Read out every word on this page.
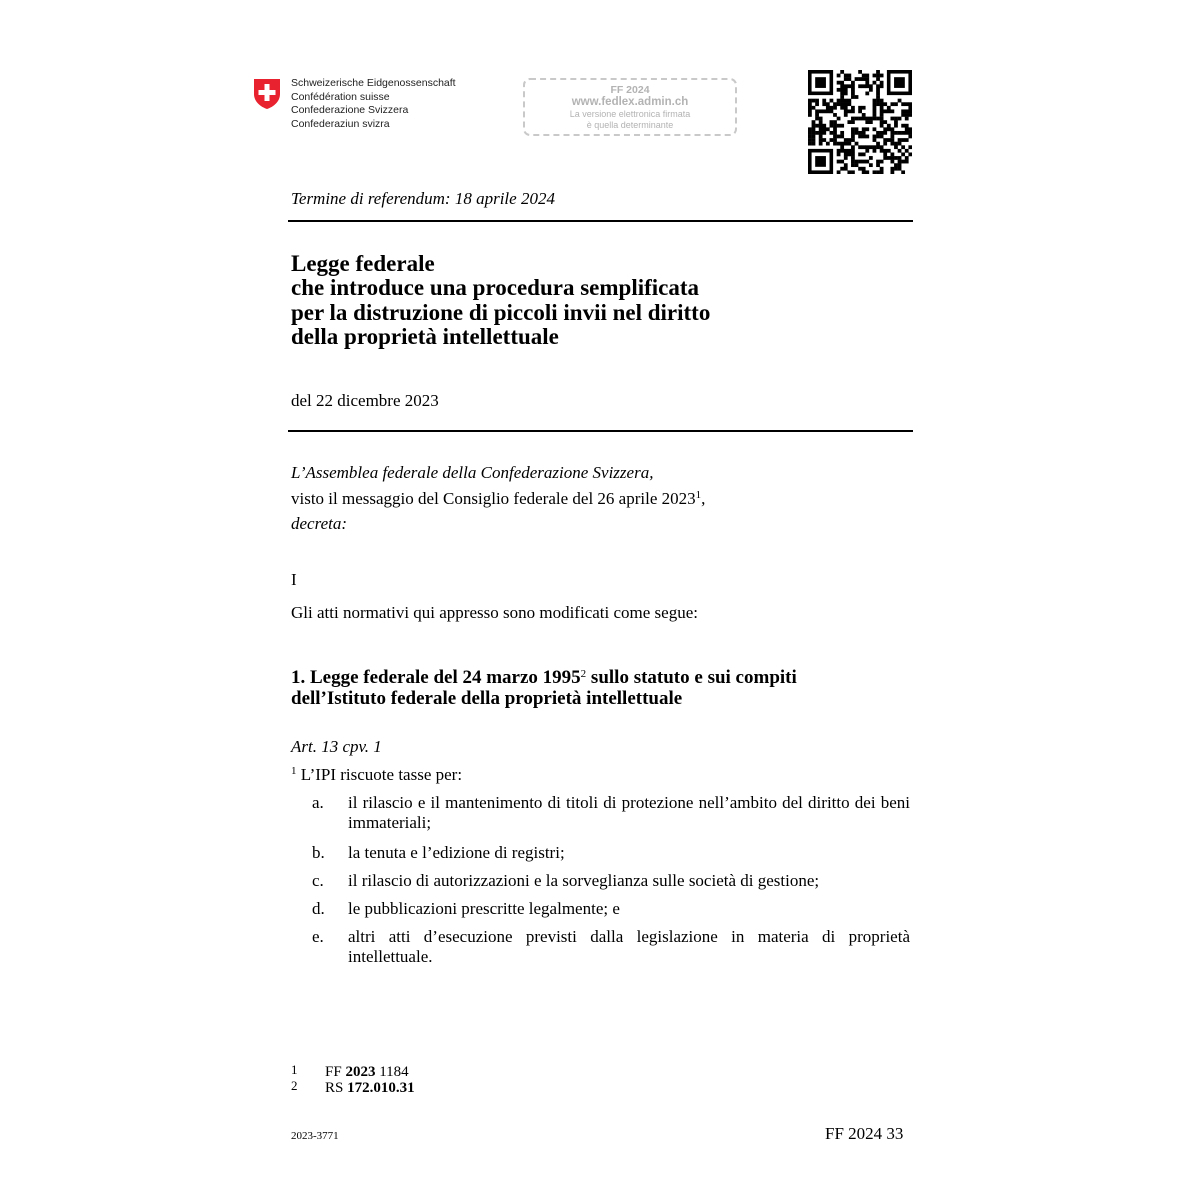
Schweizerische Eidgenossenschaft
Confédération suisse
Confederazione Svizzera
Confederaziun svizra
FF 2024
www.fedlex.admin.ch
La versione elettronica firmata
è quella determinante
Termine di referendum: 18 aprile 2024
Legge federale
che introduce una procedura semplificata
per la distruzione di piccoli invii nel diritto
della proprietà intellettuale
del 22 dicembre 2023
L’Assemblea federale della Confederazione Svizzera,
visto il messaggio del Consiglio federale del 26 aprile 2023$^1$,
decreta:
I
Gli atti normativi qui appresso sono modificati come segue:
1. Legge federale del 24 marzo 1995$^2$ sullo statuto e sui compiti
dell’Istituto federale della proprietà intellettuale
Art. 13 cpv. 1
$^1$ L’IPI riscuote tasse per:
a. il rilascio e il mantenimento di titoli di protezione nell’ambito del diritto dei beni immateriali;
b. la tenuta e l’edizione di registri;
c. il rilascio di autorizzazioni e la sorveglianza sulle società di gestione;
d. le pubblicazioni prescritte legalmente; e
e. altri atti d’esecuzione previsti dalla legislazione in materia di proprietà intellettuale.
1 FF 2023 1184
2 RS 172.010.31
2023-3771	FF 2024 33
